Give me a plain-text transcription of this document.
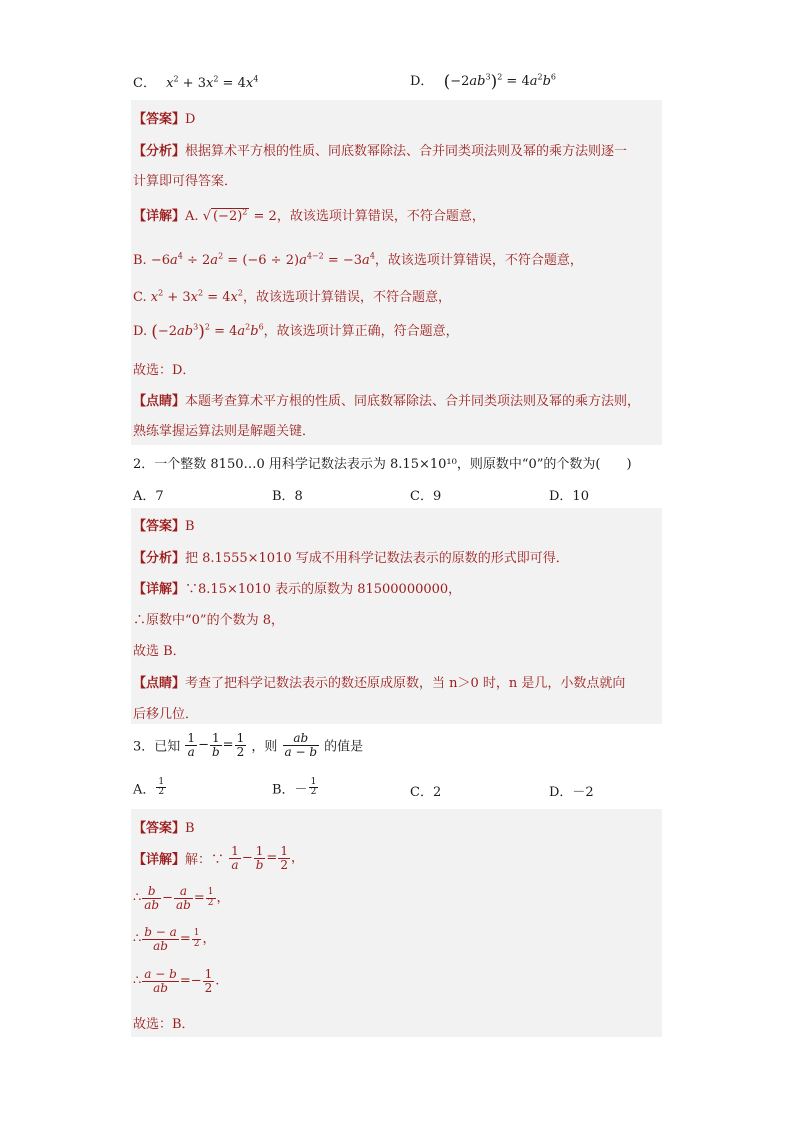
C． $x^2 + 3x^2 = 4x^4$	D． $(-2ab^3)^2 = 4a^2b^6$
【答案】D
【分析】根据算术平方根的性质、同底数幂除法、合并同类项法则及幂的乘方法则逐一
计算即可得答案．
【详解】A. √ $(-2)^2 = 2$，故该选项计算错误，不符合题意，
B. $-6a^4 \div 2a^2 = (-6 \div 2)a^{4-2} = -3a^4$，故该选项计算错误，不符合题意，
C. $x^2 + 3x^2 = 4x^2$，故该选项计算错误，不符合题意，
D. $(-2ab^3)^2 = 4a^2b^6$，故该选项计算正确，符合题意，
故选：D．
【点睛】本题考查算术平方根的性质、同底数幂除法、合并同类项法则及幂的乘方法则，
熟练掌握运算法则是解题关键．
2．一个整数 8150…0 用科学记数法表示为 8.15×10¹⁰，则原数中“0”的个数为(　　)
A．7	B．8	C．9	D．10
【答案】B
【分析】把 8.1555×1010 写成不用科学记数法表示的原数的形式即可得．
【详解】∵8.15×1010 表示的原数为 81500000000，
∴原数中“0”的个数为 8，
故选 B．
【点睛】考查了把科学记数法表示的数还原成原数，当 n＞0 时，n 是几，小数点就向
后移几位．
3．已知 $\frac{1}{a} - \frac{1}{b} = \frac{1}{2}$ ，则 $\frac{ab}{a - b}$ 的值是
A． $\frac{1}{2}$	B．－ $\frac{1}{2}$	C．2	D．－2
【答案】B
【详解】解：∵ $\frac{1}{a} - \frac{1}{b} = \frac{1}{2}$ ，
∴ $\frac{b}{ab} - \frac{a}{ab} = \frac{1}{2}$ ，
∴ $\frac{b - a}{ab} = \frac{1}{2}$ ，
∴ $\frac{a - b}{ab} =- \frac{1}{2}$ .
故选：B．
